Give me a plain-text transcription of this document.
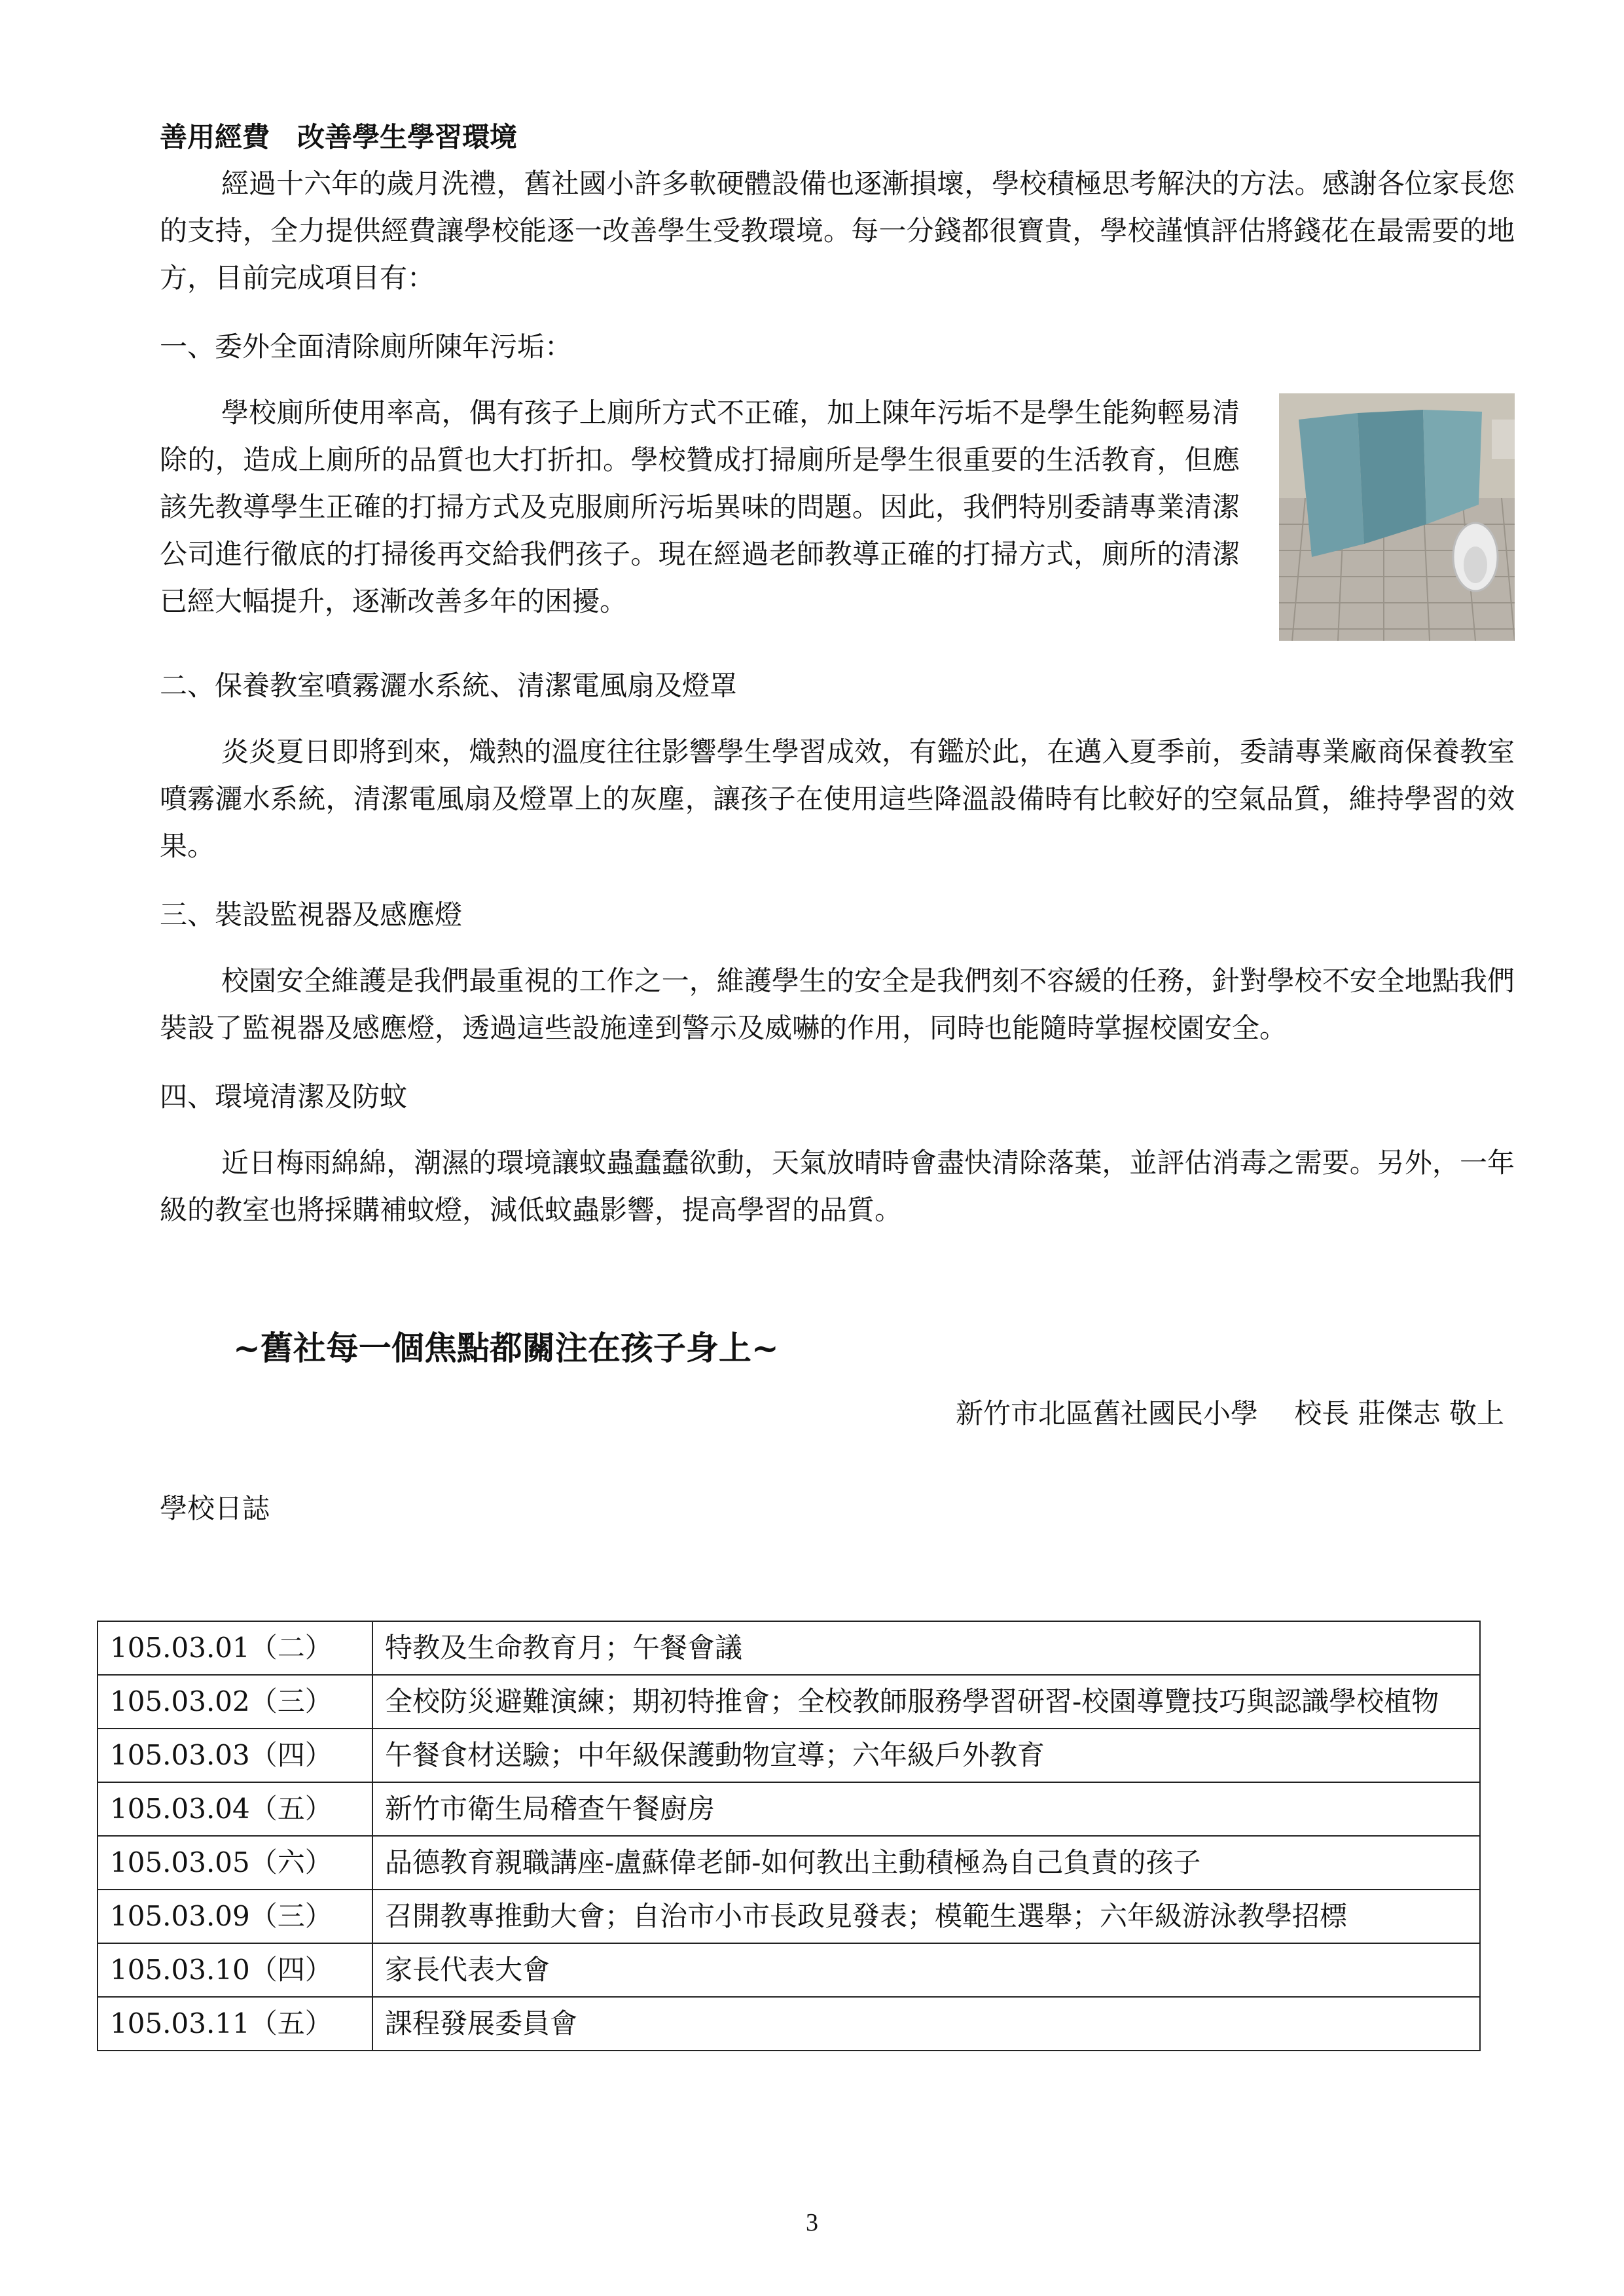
善用經費　改善學生學習環境

經過十六年的歲月洗禮，舊社國小許多軟硬體設備也逐漸損壞，學校積極思考解決的方法。感謝各位家長您的支持，全力提供經費讓學校能逐一改善學生受教環境。每一分錢都很寶貴，學校謹慎評估將錢花在最需要的地方，目前完成項目有：

一、委外全面清除廁所陳年污垢：

學校廁所使用率高，偶有孩子上廁所方式不正確，加上陳年污垢不是學生能夠輕易清除的，造成上廁所的品質也大打折扣。學校贊成打掃廁所是學生很重要的生活教育，但應該先教導學生正確的打掃方式及克服廁所污垢異味的問題。因此，我們特別委請專業清潔公司進行徹底的打掃後再交給我們孩子。現在經過老師教導正確的打掃方式，廁所的清潔已經大幅提升，逐漸改善多年的困擾。

二、保養教室噴霧灑水系統、清潔電風扇及燈罩

炎炎夏日即將到來，熾熱的溫度往往影響學生學習成效，有鑑於此，在邁入夏季前，委請專業廠商保養教室噴霧灑水系統，清潔電風扇及燈罩上的灰塵，讓孩子在使用這些降溫設備時有比較好的空氣品質，維持學習的效果。

三、裝設監視器及感應燈

校園安全維護是我們最重視的工作之一，維護學生的安全是我們刻不容緩的任務，針對學校不安全地點我們裝設了監視器及感應燈，透過這些設施達到警示及威嚇的作用，同時也能隨時掌握校園安全。

四、環境清潔及防蚊

近日梅雨綿綿，潮濕的環境讓蚊蟲蠢蠢欲動，天氣放晴時會盡快清除落葉，並評估消毒之需要。另外，一年級的教室也將採購補蚊燈，減低蚊蟲影響，提高學習的品質。

~舊社每一個焦點都關注在孩子身上~
新竹市北區舊社國民小學　 校長 莊傑志 敬上
學校日誌
105.03.01（二）	特教及生命教育月；午餐會議
105.03.02（三）	全校防災避難演練；期初特推會；全校教師服務學習研習-校園導覽技巧與認識學校植物
105.03.03（四）	午餐食材送驗；中年級保護動物宣導；六年級戶外教育
105.03.04（五）	新竹市衛生局稽查午餐廚房
105.03.05（六）	品德教育親職講座-盧蘇偉老師-如何教出主動積極為自己負責的孩子
105.03.09（三）	召開教專推動大會；自治市小市長政見發表；模範生選舉；六年級游泳教學招標
105.03.10（四）	家長代表大會
105.03.11（五）	課程發展委員會
3
